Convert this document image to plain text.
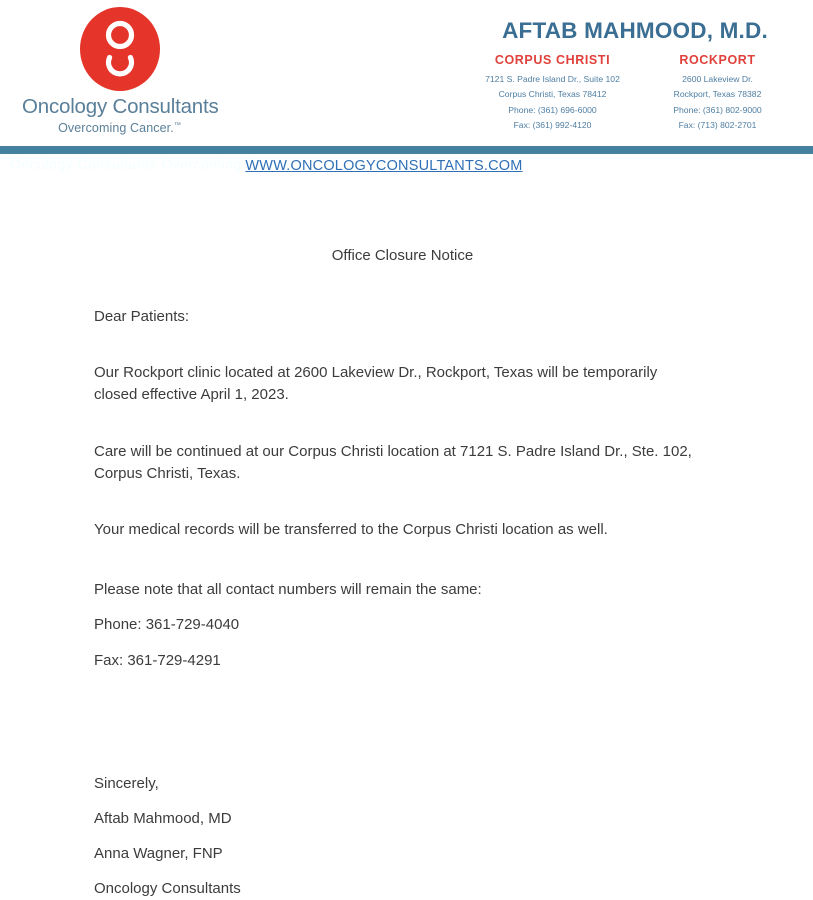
Oncology Consultants
Overcoming Cancer.™
AFTAB MAHMOOD, M.D.
CORPUS CHRISTI
7121 S. Padre Island Dr., Suite 102
Corpus Christi, Texas 78412
Phone: (361) 696-6000
Fax: (361) 992-4120
ROCKPORT
2600 Lakeview Dr.
Rockport, Texas 78382
Phone: (361) 802-9000
Fax: (713) 802-2701
Oncology Consultants Overcoming Cancer
WWW.ONCOLOGYCONSULTANTS.COM
Office Closure Notice
Dear Patients:
Our Rockport clinic located at 2600 Lakeview Dr., Rockport, Texas will be temporarily closed effective April 1, 2023.
Care will be continued at our Corpus Christi location at 7121 S. Padre Island Dr., Ste. 102, Corpus Christi, Texas.
Your medical records will be transferred to the Corpus Christi location as well.
Please note that all contact numbers will remain the same:
Phone: 361-729-4040
Fax: 361-729-4291
Sincerely,
Aftab Mahmood, MD
Anna Wagner, FNP
Oncology Consultants
